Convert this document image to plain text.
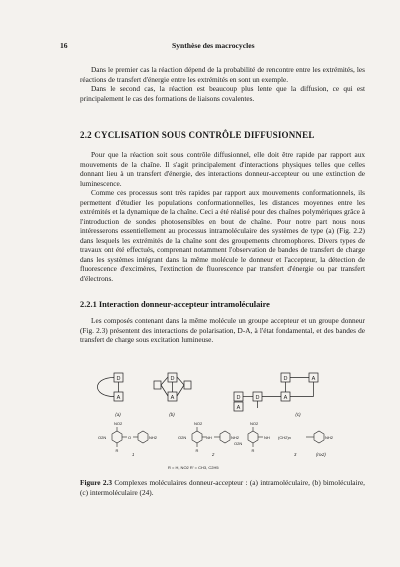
16	Synthèse des macrocycles

Dans le premier cas la réaction dépend de la probabilité de rencontre entre les extrémités, les réactions de transfert d'énergie entre les extrémités en sont un exemple.

Dans le second cas, la réaction est beaucoup plus lente que la diffusion, ce qui est principalement le cas des formations de liaisons covalentes.

2.2 CYCLISATION SOUS CONTRÔLE DIFFUSIONNEL

Pour que la réaction soit sous contrôle diffusionnel, elle doit être rapide par rapport aux mouvements de la chaîne. Il s'agit principalement d'interactions physiques telles que celles donnant lieu à un transfert d'énergie, des interactions donneur-accepteur ou une extinction de luminescence.

Comme ces processus sont très rapides par rapport aux mouvements conformationnels, ils permettent d'étudier les populations conformationnelles, les distances moyennes entre les extrémités et la dynamique de la chaîne. Ceci a été réalisé pour des chaînes polymériques grâce à l'introduction de sondes photosensibles en bout de chaîne. Pour notre part nous nous intéresserons essentiellement au processus intramoléculaire des systèmes de type (a) (Fig. 2.2) dans lesquels les extrémités de la chaîne sont des groupements chromophores. Divers types de travaux ont été effectués, comprenant notamment l'observation de bandes de transfert de charge dans les systèmes intégrant dans la même molécule le donneur et l'accepteur, la détection de fluorescence d'excimères, l'extinction de fluorescence par transfert d'énergie ou par transfert d'électrons.

2.2.1 Interaction donneur-accepteur intramoléculaire

Les composés contenant dans la même molécule un groupe accepteur et un groupe donneur (Fig. 2.3) présentent des interactions de polarisation, D-A, à l'état fondamental, et des bandes de transfert de charge sous excitation lumineuse.

D
A
D
A
D	A
D	A
D
A
(a)	(b)	(c)
NO2
O2N
R
O	NH2
NO2
O2N
R
NH	NH2
NO2
O2N
R
NH (CH2)n	NH2
1	2	3	(n≥2)
R = H, NO2 R' = CH3, C2H5
Figure 2.3 Complexes moléculaires donneur-accepteur : (a) intramoléculaire, (b) bimoléculaire, (c) intermoléculaire (24).
